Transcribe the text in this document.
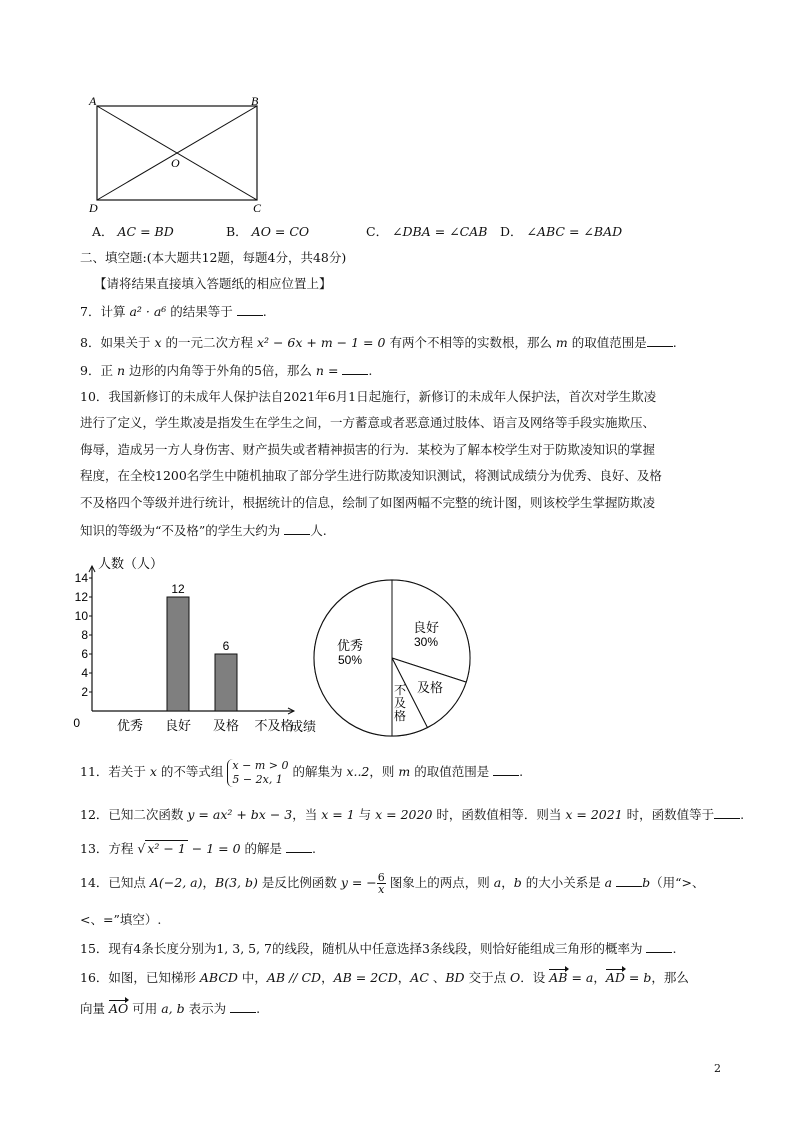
A	B
O
D	C
A． AC = BD	B． AO = CO	C． ∠DBA = ∠CAB D． ∠ABC = ∠BAD
二、填空题:(本大题共12题，每题4分，共48分)
【请将结果直接填入答题纸的相应位置上】
7．计算 a² · a⁶ 的结果等于 .
8．如果关于 x 的一元二次方程 x² − 6x + m − 1 = 0 有两个不相等的实数根，那么 m 的取值范围是 .
9．正 n 边形的内角等于外角的5倍，那么 n = .
10．我国新修订的未成年人保护法自2021年6月1日起施行，新修订的未成年人保护法，首次对学生欺凌
进行了定义，学生欺凌是指发生在学生之间，一方蓄意或者恶意通过肢体、语言及网络等手段实施欺压、
侮辱，造成另一方人身伤害、财产损失或者精神损害的行为．某校为了解本校学生对于防欺凌知识的掌握
程度，在全校1200名学生中随机抽取了部分学生进行防欺凌知识测试，将测试成绩分为优秀、良好、及格
不及格四个等级并进行统计，根据统计的信息，绘制了如图两幅不完整的统计图，则该校学生掌握防欺凌
知识的等级为“不及格”的学生大约为 人.
人数（人）
成绩
0
2
4
6
8
10
12
14
优秀 良好
12
及格
6
不及格
良好
30%
优秀
50%
及格
不
及
格
11．若关于 x 的不等式组 x − m > 0
5 − 2x, 1 的解集为 x..2，则 m 的取值范围是 .
12．已知二次函数 y = ax² + bx − 3，当 x = 1 与 x = 2020 时，函数值相等．则当 x = 2021 时，函数值等于 .
13．方程 √ x² − 1 − 1 = 0 的解是 .
14．已知点 A(−2, a)，B(3, b) 是反比例函数 y = − $\frac{6}{x}$ 图象上的两点，则 a，b 的大小关系是 a b（用“>、
<、=”填空）.
15．现有4条长度分别为1, 3, 5, 7的线段，随机从中任意选择3条线段，则恰好能组成三角形的概率为 .
16．如图，已知梯形 ABCD 中，AB // CD，AB = 2CD，AC 、BD 交于点 O．设 AB = a，AD = b，那么
向量 AO 可用 a, b 表示为 .
2
